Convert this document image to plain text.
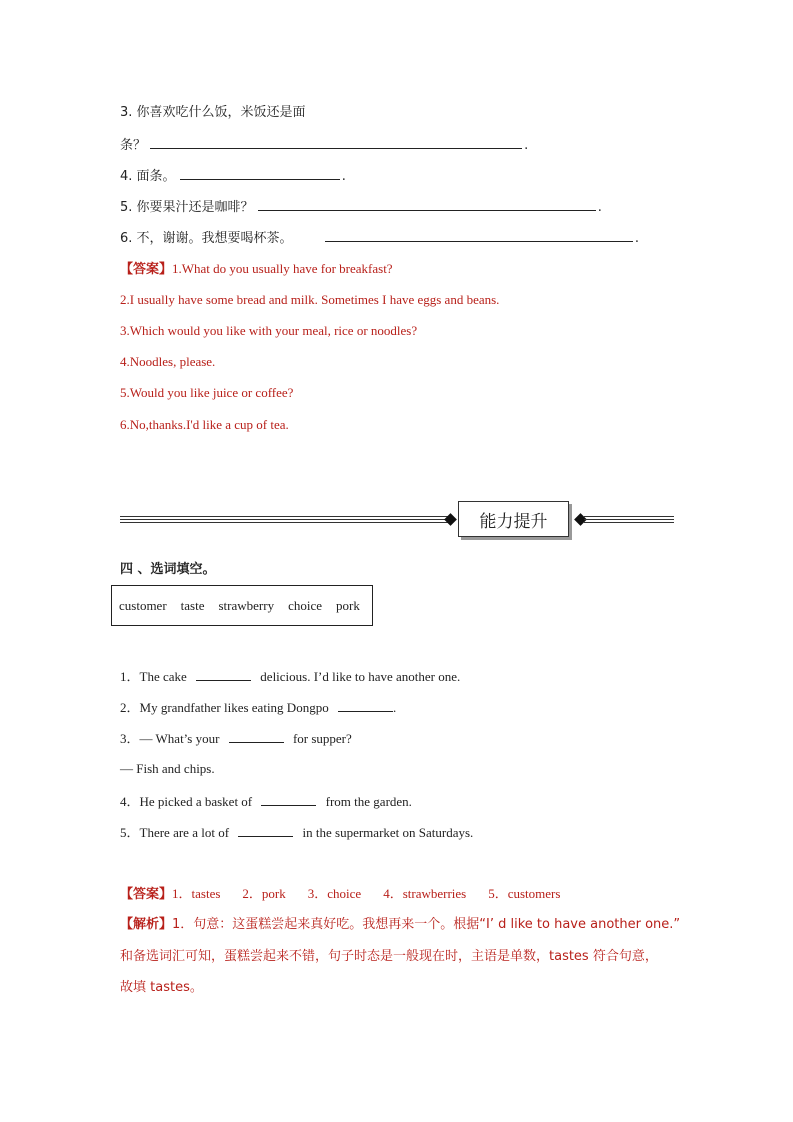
3. 你喜欢吃什么饭，米饭还是面
条？	.
4. 面条。	.
5. 你要果汁还是咖啡？	.
6. 不，谢谢。我想要喝杯茶。	.
【答案】1.What do you usually have for breakfast?
2.I usually have some bread and milk. Sometimes I have eggs and beans.
3.Which would you like with your meal, rice or noodles?
4.Noodles, please.
5.Would you like juice or coffee?
6.No,thanks.I'd like a cup of tea.
能力提升
四 、选词填空。
customer taste strawberry choice pork
1．The cake	delicious. I’d like to have another one.
2．My grandfather likes eating Dongpo	.
3．— What’s your	for supper?
— Fish and chips.
4．He picked a basket of	from the garden.
5．There are a lot of	in the supermarket on Saturdays.
【答案】1．tastes 2．pork 3．choice 4．strawberries 5．customers
【解析】1．句意：这蛋糕尝起来真好吃。我想再来一个。根据“I’ d like to have another one.”
和备选词汇可知，蛋糕尝起来不错，句子时态是一般现在时，主语是单数，tastes 符合句意，
故填 tastes。
